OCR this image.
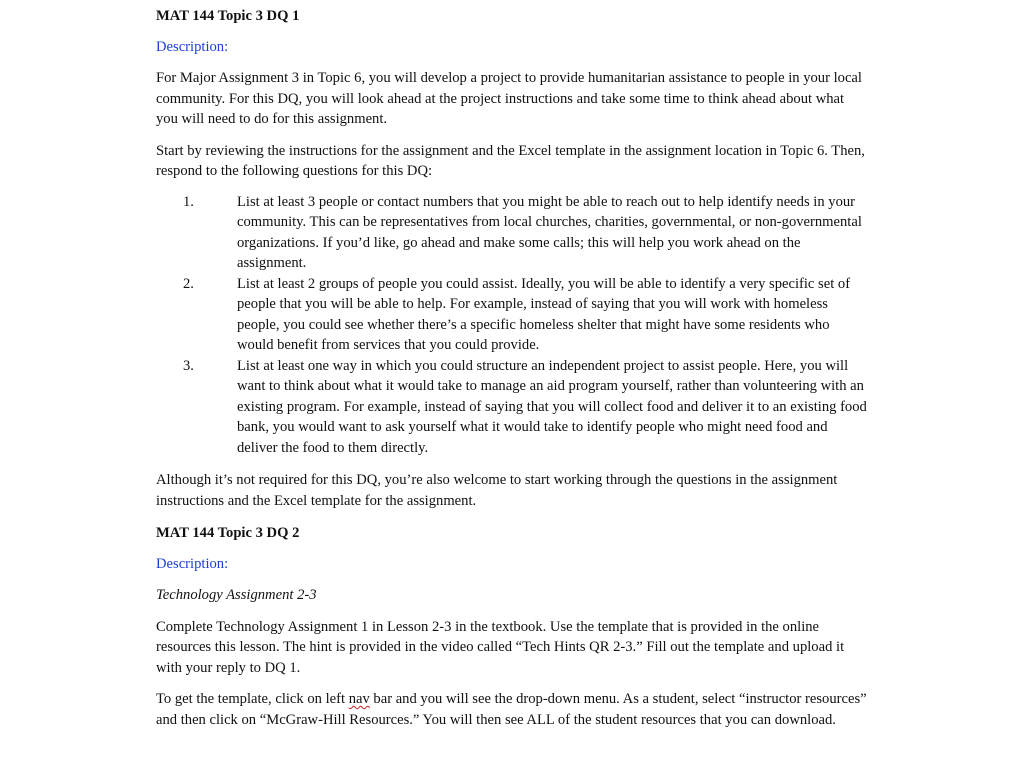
MAT 144 Topic 3 DQ 1
Description:

For Major Assignment 3 in Topic 6, you will develop a project to provide humanitarian assistance to people in your local community. For this DQ, you will look ahead at the project instructions and take some time to think ahead about what you will need to do for this assignment.

Start by reviewing the instructions for the assignment and the Excel template in the assignment location in Topic 6. Then, respond to the following questions for this DQ:

1.	List at least 3 people or contact numbers that you might be able to reach out to help identify needs in your community. This can be representatives from local churches, charities, governmental, or non-governmental organizations. If you’d like, go ahead and make some calls; this will help you work ahead on the assignment.
2.	List at least 2 groups of people you could assist. Ideally, you will be able to identify a very specific set of people that you will be able to help. For example, instead of saying that you will work with homeless people, you could see whether there’s a specific homeless shelter that might have some residents who would benefit from services that you could provide.
3.	List at least one way in which you could structure an independent project to assist people. Here, you will want to think about what it would take to manage an aid program yourself, rather than volunteering with an existing program. For example, instead of saying that you will collect food and deliver it to an existing food bank, you would want to ask yourself what it would take to identify people who might need food and deliver the food to them directly.

Although it’s not required for this DQ, you’re also welcome to start working through the questions in the assignment instructions and the Excel template for the assignment.

MAT 144 Topic 3 DQ 2
Description:

Technology Assignment 2-3

Complete Technology Assignment 1 in Lesson 2-3 in the textbook. Use the template that is provided in the online resources this lesson. The hint is provided in the video called “Tech Hints QR 2-3.” Fill out the template and upload it with your reply to DQ 1.

To get the template, click on left nav bar and you will see the drop-down menu. As a student, select “instructor resources” and then click on “McGraw-Hill Resources.” You will then see ALL of the student resources that you can download.
